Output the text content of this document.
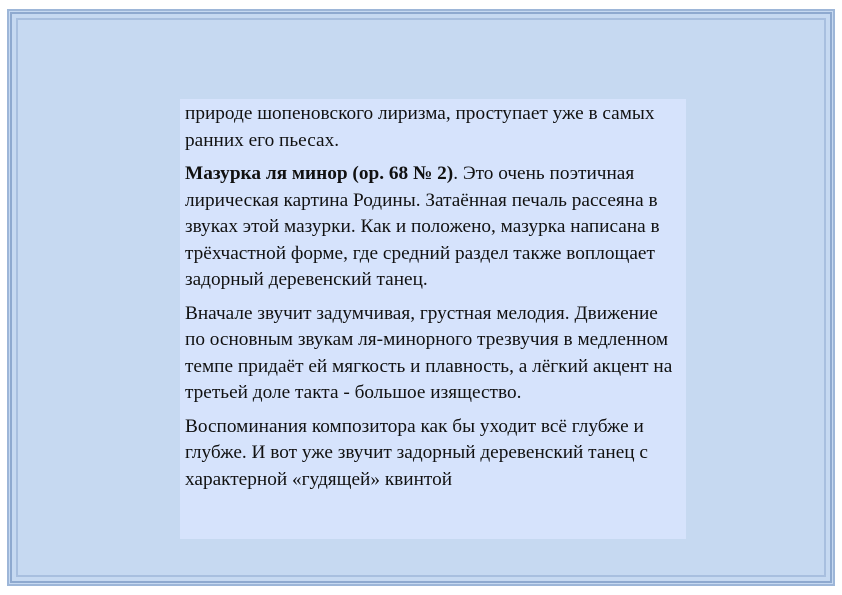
природе шопеновского лиризма, проступает уже в самых ранних его пьесах.

Мазурка ля минор (ор. 68 № 2). Это очень поэтичная лирическая картина Родины. Затаённая печаль рассеяна в звуках этой мазурки. Как и положено, мазурка написана в трёхчастной форме, где средний раздел также воплощает задорный деревенский танец.

Вначале звучит задумчивая, грустная мелодия. Движение по основным звукам ля-минорного трезвучия в медленном темпе придаёт ей мягкость и плавность, а лёгкий акцент на третьей доле такта - большое изящество.

Воспоминания композитора как бы уходит всё глубже и глубже. И вот уже звучит задорный деревенский танец с характерной «гудящей» квинтой
